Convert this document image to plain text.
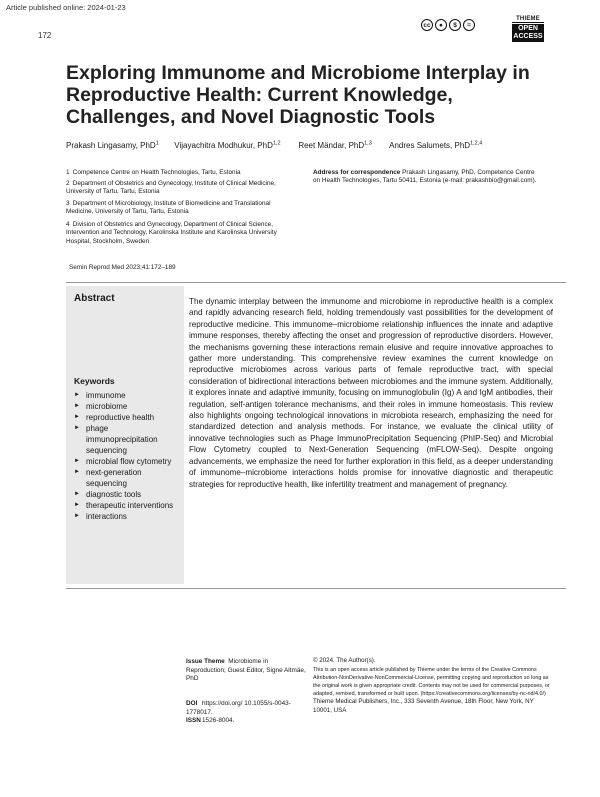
Article published online: 2024-01-23
172
cc	●	$	=
THIEME
OPEN
ACCESS
Exploring Immunome and Microbiome Interplay in Reproductive Health: Current Knowledge, Challenges, and Novel Diagnostic Tools
Prakash Lingasamy, PhD$^1$ Vijayachitra Modhukur, PhD$^{1,2}$ Reet Mändar, PhD$^{1,3}$ Andres Salumets, PhD$^{1,2,4}$
1 Competence Centre on Health Technologies, Tartu, Estonia
2 Department of Obstetrics and Gynecology, Institute of Clinical Medicine, University of Tartu, Tartu, Estonia
3 Department of Microbiology, Institute of Biomedicine and Translational Medicine, University of Tartu, Tartu, Estonia
4 Division of Obstetrics and Gynecology, Department of Clinical Science, Intervention and Technology, Karolinska Institute and Karolinska University Hospital, Stockholm, Sweden
Address for correspondence Prakash Lingasamy, PhD, Competence Centre on Health Technologies, Tartu 50411, Estonia (e-mail: prakashbio@gmail.com).
Semin Reprod Med 2023;41:172–189
Abstract
Keywords
► immunome
► microbiome
► reproductive health
► phage immunoprecipitation sequencing
► microbial flow cytometry
► next-generation sequencing
► diagnostic tools
► therapeutic interventions
► interactions
The dynamic interplay between the immunome and microbiome in reproductive health is a complex and rapidly advancing research field, holding tremendously vast possibilities for the development of reproductive medicine. This immunome–microbiome relationship influences the innate and adaptive immune responses, thereby affecting the onset and progression of reproductive disorders. However, the mechanisms governing these interactions remain elusive and require innovative approaches to gather more understanding. This comprehensive review examines the current knowledge on reproductive microbiomes across various parts of female reproductive tract, with special consideration of bidirectional interactions between microbiomes and the immune system. Additionally, it explores innate and adaptive immunity, focusing on immunoglobulin (Ig) A and IgM antibodies, their regulation, self-antigen tolerance mechanisms, and their roles in immune homeostasis. This review also highlights ongoing technological innovations in microbiota research, emphasizing the need for standardized detection and analysis methods. For instance, we evaluate the clinical utility of innovative technologies such as Phage ImmunoPrecipitation Sequencing (PhIP-Seq) and Microbial Flow Cytometry coupled to Next-Generation Sequencing (mFLOW-Seq). Despite ongoing advancements, we emphasize the need for further exploration in this field, as a deeper understanding of immunome–microbiome interactions holds promise for innovative diagnostic and therapeutic strategies for reproductive health, like infertility treatment and management of pregnancy.
Issue Theme Microbiome in Reproduction; Guest Editor, Signe Altmäe, PhD
DOI https://doi.org/ 10.1055/s-0043-1778017.
ISSN1526-8004.
© 2024. The Author(s).
This is an open access article published by Thieme under the terms of the Creative Commons Attribution-NonDerivative-NonCommercial-License, permitting copying and reproduction so long as the original work is given appropriate credit. Contents may not be used for commercial purposes, or adapted, remixed, transformed or built upon. (https://creativecommons.org/licenses/by-nc-nd/4.0/)
Thieme Medical Publishers, Inc., 333 Seventh Avenue, 18th Floor, New York, NY 10001, USA
